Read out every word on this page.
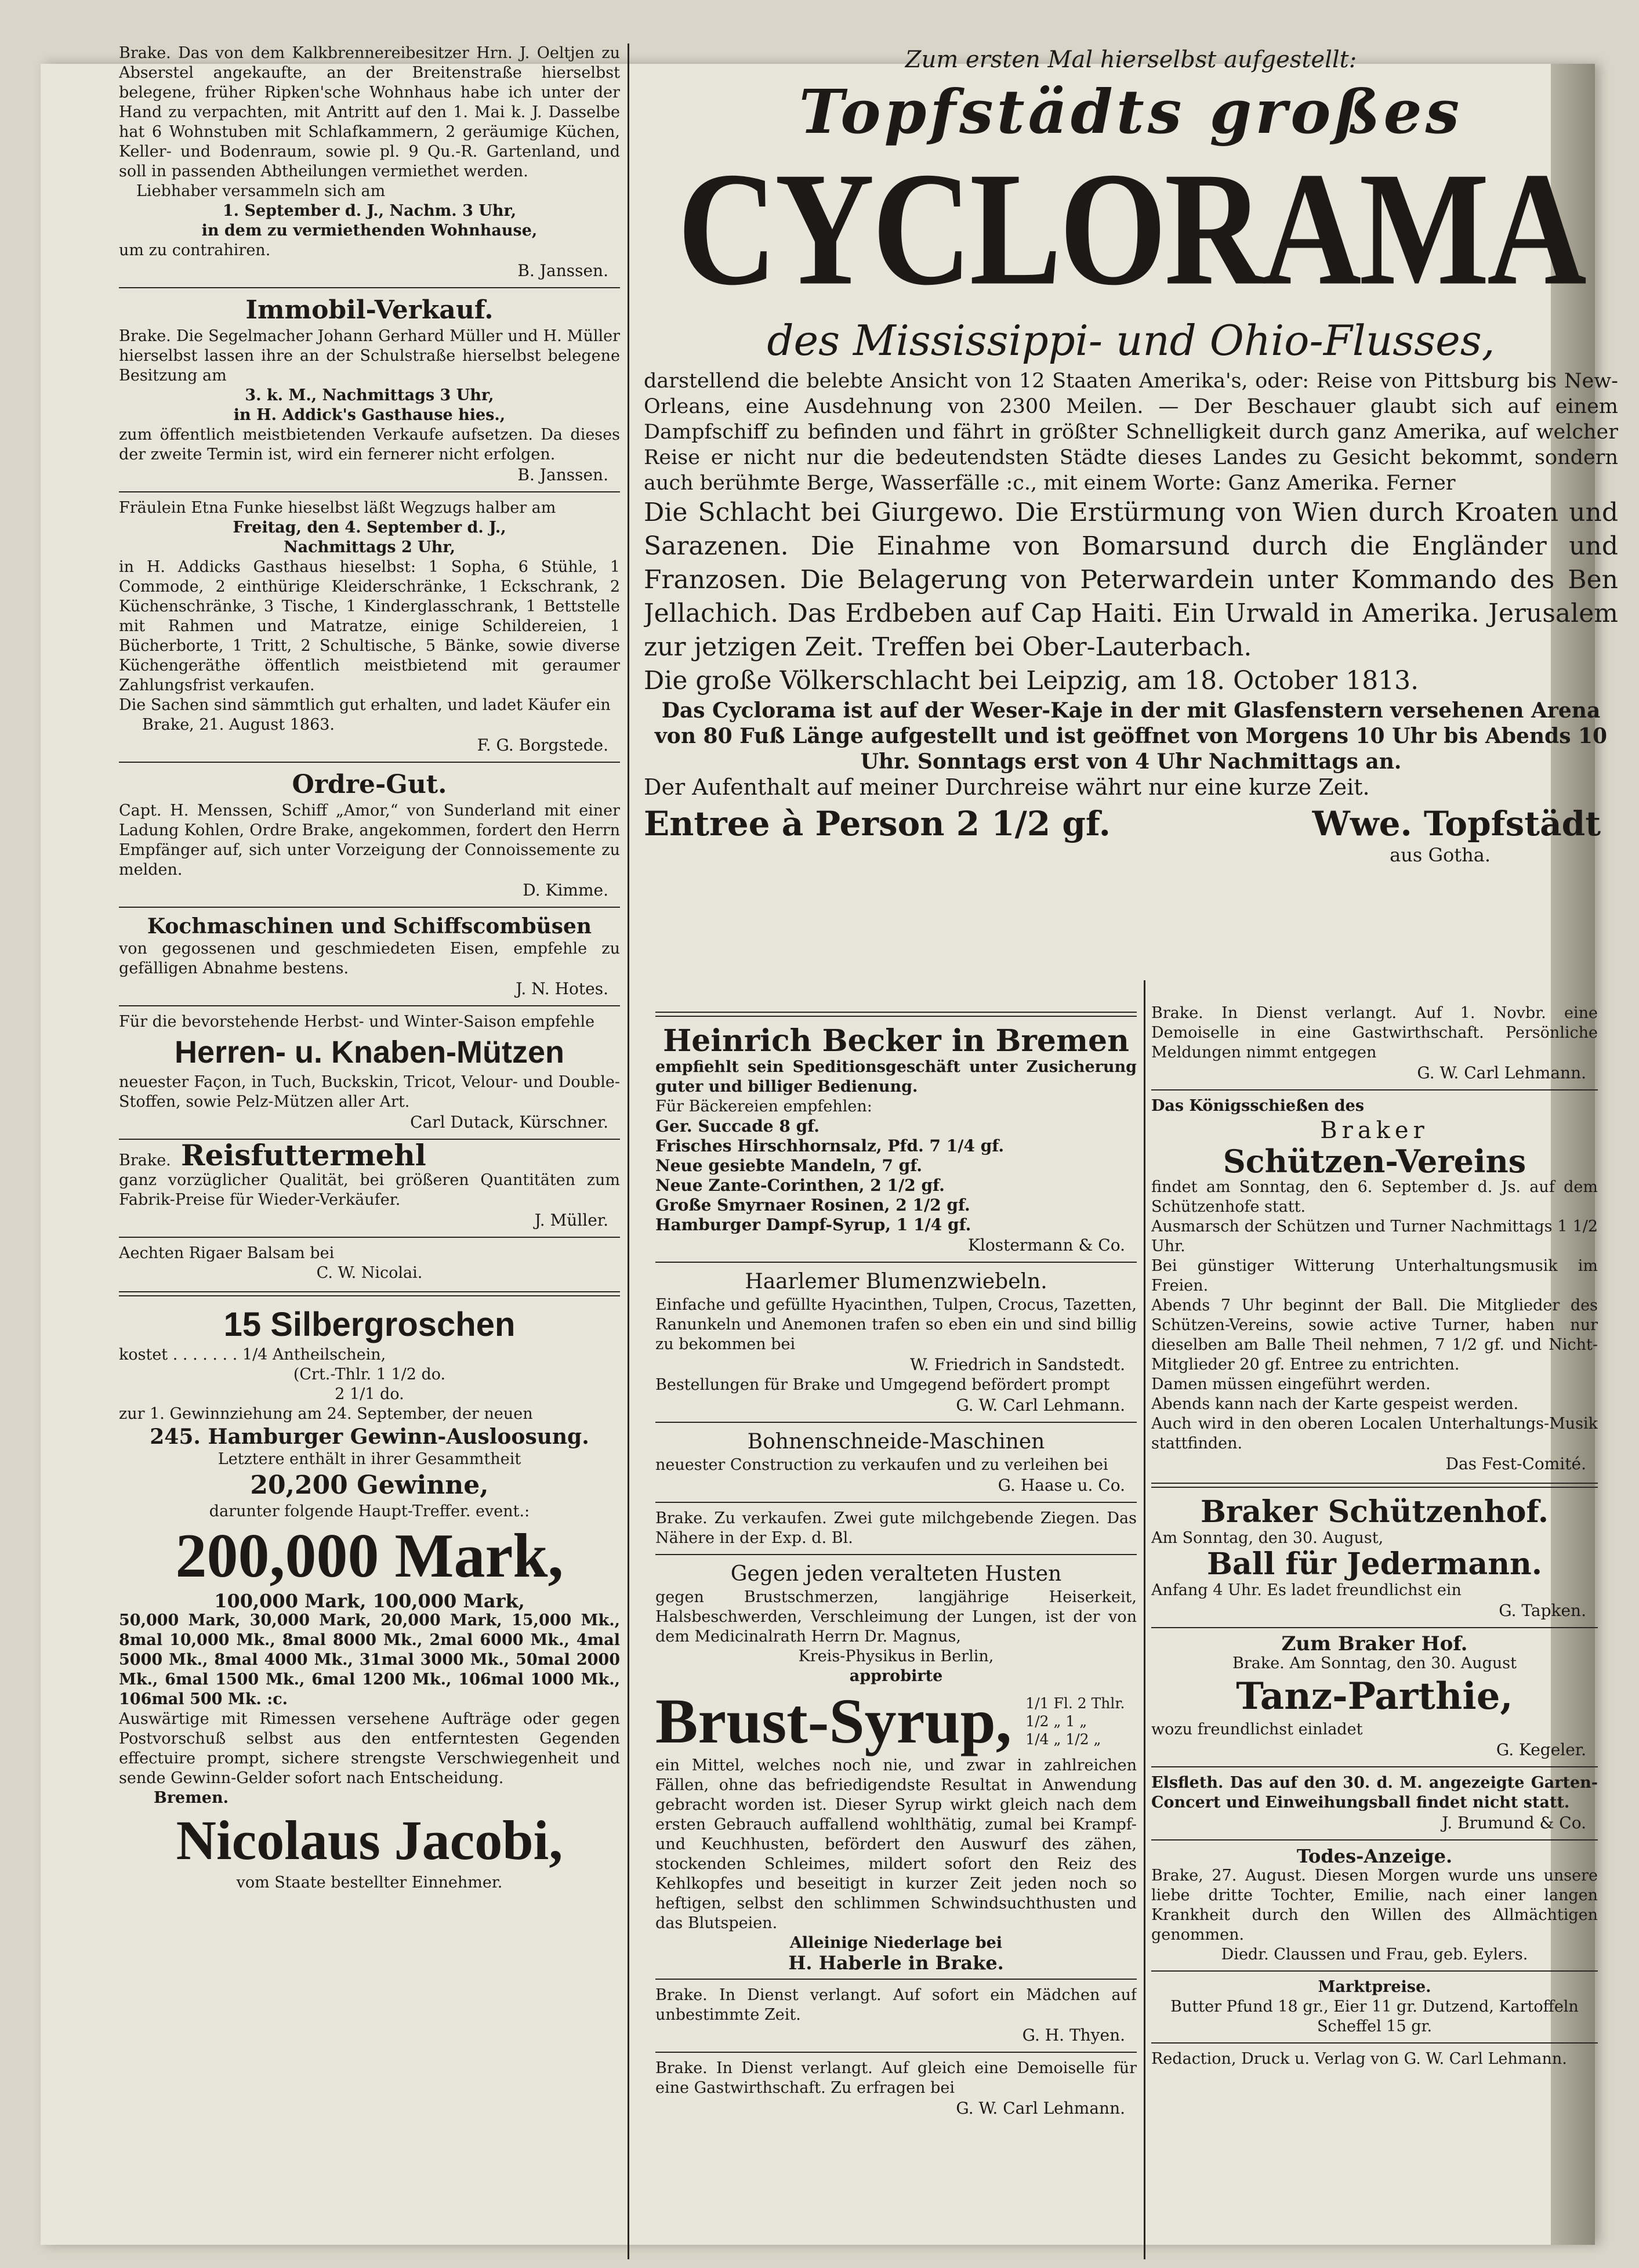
Brake. Das von dem Kalkbrennereibesitzer Hrn. J. Oeltjen zu Abserstel angekaufte, an der Breitenstraße hierselbst belegene, früher Ripken'sche Wohnhaus habe ich unter der Hand zu verpachten, mit Antritt auf den 1. Mai k. J. Dasselbe hat 6 Wohnstuben mit Schlafkammern, 2 geräumige Küchen, Keller- und Bodenraum, sowie pl. 9 Qu.-R. Gartenland, und soll in passenden Abtheilungen vermiethet werden.

Liebhaber versammeln sich am

1. September d. J., Nachm. 3 Uhr,

in dem zu vermiethenden Wohnhause,

um zu contrahiren.

B. Janssen.

Immobil-Verkauf.

Brake. Die Segelmacher Johann Gerhard Müller und H. Müller hierselbst lassen ihre an der Schulstraße hierselbst belegene Besitzung am

3. k. M., Nachmittags 3 Uhr,

in H. Addick's Gasthause hies.,

zum öffentlich meistbietenden Verkaufe aufsetzen. Da dieses der zweite Termin ist, wird ein fernerer nicht erfolgen.

B. Janssen.

Fräulein Etna Funke hieselbst läßt Wegzugs halber am

Freitag, den 4. September d. J.,

Nachmittags 2 Uhr,

in H. Addicks Gasthaus hieselbst: 1 Sopha, 6 Stühle, 1 Commode, 2 einthürige Kleiderschränke, 1 Eckschrank, 2 Küchenschränke, 3 Tische, 1 Kinderglasschrank, 1 Bettstelle mit Rahmen und Matratze, einige Schildereien, 1 Bücherborte, 1 Tritt, 2 Schultische, 5 Bänke, sowie diverse Küchengeräthe öffentlich meistbietend mit geraumer Zahlungsfrist verkaufen.

Die Sachen sind sämmtlich gut erhalten, und ladet Käufer ein

Brake, 21. August 1863.

F. G. Borgstede.

Ordre-Gut.

Capt. H. Menssen, Schiff „Amor,“ von Sunderland mit einer Ladung Kohlen, Ordre Brake, angekommen, fordert den Herrn Empfänger auf, sich unter Vorzeigung der Connoissemente zu melden.

D. Kimme.

Kochmaschinen und Schiffscombüsen

von gegossenen und geschmiedeten Eisen, empfehle zu gefälligen Abnahme bestens.

J. N. Hotes.

Für die bevorstehende Herbst- und Winter-Saison empfehle

Herren- u. Knaben-Mützen

neuester Façon, in Tuch, Buckskin, Tricot, Velour- und Double-Stoffen, sowie Pelz-Mützen aller Art.

Carl Dutack, Kürschner.

Brake. Reisfuttermehl

ganz vorzüglicher Qualität, bei größeren Quantitäten zum Fabrik-Preise für Wieder-Verkäufer.

J. Müller.

Aechten Rigaer Balsam bei

C. W. Nicolai.

15 Silbergroschen

kostet . . . . . . . 1/4 Antheilschein,

(Crt.-Thlr. 1 1/2 do.

2 1/1 do.

zur 1. Gewinnziehung am 24. September, der neuen

245. Hamburger Gewinn-Ausloosung.

Letztere enthält in ihrer Gesammtheit

20,200 Gewinne,

darunter folgende Haupt-Treffer. event.:

200,000 Mark,

100,000 Mark, 100,000 Mark,

50,000 Mark, 30,000 Mark, 20,000 Mark, 15,000 Mk., 8mal 10,000 Mk., 8mal 8000 Mk., 2mal 6000 Mk., 4mal 5000 Mk., 8mal 4000 Mk., 31mal 3000 Mk., 50mal 2000 Mk., 6mal 1500 Mk., 6mal 1200 Mk., 106mal 1000 Mk., 106mal 500 Mk. :c.

Auswärtige mit Rimessen versehene Aufträge oder gegen Postvorschuß selbst aus den entferntesten Gegenden effectuire prompt, sichere strengste Verschwiegenheit und sende Gewinn-Gelder sofort nach Entscheidung.

Bremen.

Nicolaus Jacobi,

vom Staate bestellter Einnehmer.

Zum ersten Mal hierselbst aufgestellt:

Topfstädts großes

CYCLORAMA

des Mississippi- und Ohio-Flusses,

darstellend die belebte Ansicht von 12 Staaten Amerika's, oder: Reise von Pittsburg bis New-Orleans, eine Ausdehnung von 2300 Meilen. — Der Beschauer glaubt sich auf einem Dampfschiff zu befinden und fährt in größter Schnelligkeit durch ganz Amerika, auf welcher Reise er nicht nur die bedeutendsten Städte dieses Landes zu Gesicht bekommt, sondern auch berühmte Berge, Wasserfälle :c., mit einem Worte: Ganz Amerika. Ferner

Die Schlacht bei Giurgewo. Die Erstürmung von Wien durch Kroaten und Sarazenen. Die Einahme von Bomarsund durch die Engländer und Franzosen. Die Belagerung von Peterwardein unter Kommando des Ben Jellachich. Das Erdbeben auf Cap Haiti. Ein Urwald in Amerika. Jerusalem zur jetzigen Zeit. Treffen bei Ober-Lauterbach.

Die große Völkerschlacht bei Leipzig, am 18. October 1813.

Das Cyclorama ist auf der Weser-Kaje in der mit Glasfenstern versehenen Arena von 80 Fuß Länge aufgestellt und ist geöffnet von Morgens 10 Uhr bis Abends 10 Uhr. Sonntags erst von 4 Uhr Nachmittags an.

Der Aufenthalt auf meiner Durchreise währt nur eine kurze Zeit.

Entree à Person 2 1/2 gf.	Wwe. Topfstädt

aus Gotha.

Heinrich Becker in Bremen

empfiehlt sein Speditionsgeschäft unter Zusicherung guter und billiger Bedienung.

Für Bäckereien empfehlen:

Ger. Succade 8 gf.

Frisches Hirschhornsalz, Pfd. 7 1/4 gf.

Neue gesiebte Mandeln, 7 gf.

Neue Zante-Corinthen, 2 1/2 gf.

Große Smyrnaer Rosinen, 2 1/2 gf.

Hamburger Dampf-Syrup, 1 1/4 gf.

Klostermann & Co.

Haarlemer Blumenzwiebeln.

Einfache und gefüllte Hyacinthen, Tulpen, Crocus, Tazetten, Ranunkeln und Anemonen trafen so eben ein und sind billig zu bekommen bei

W. Friedrich in Sandstedt.

Bestellungen für Brake und Umgegend befördert prompt

G. W. Carl Lehmann.

Bohnenschneide-Maschinen

neuester Construction zu verkaufen und zu verleihen bei

G. Haase u. Co.

Brake. Zu verkaufen. Zwei gute milchgebende Ziegen. Das Nähere in der Exp. d. Bl.

Gegen jeden veralteten Husten

gegen Brustschmerzen, langjährige Heiserkeit, Halsbeschwerden, Verschleimung der Lungen, ist der von dem Medicinalrath Herrn Dr. Magnus,

Kreis-Physikus in Berlin,

approbirte

Brust-Syrup, 1/1 Fl. 2 Thlr.

1/2 „ 1 „

1/4 „ 1/2 „

ein Mittel, welches noch nie, und zwar in zahlreichen Fällen, ohne das befriedigendste Resultat in Anwendung gebracht worden ist. Dieser Syrup wirkt gleich nach dem ersten Gebrauch auffallend wohlthätig, zumal bei Krampf- und Keuchhusten, befördert den Auswurf des zähen, stockenden Schleimes, mildert sofort den Reiz des Kehlkopfes und beseitigt in kurzer Zeit jeden noch so heftigen, selbst den schlimmen Schwindsuchthusten und das Blutspeien.

Alleinige Niederlage bei

H. Haberle in Brake.

Brake. In Dienst verlangt. Auf sofort ein Mädchen auf unbestimmte Zeit.

G. H. Thyen.

Brake. In Dienst verlangt. Auf gleich eine Demoiselle für eine Gastwirthschaft. Zu erfragen bei

G. W. Carl Lehmann.

Brake. In Dienst verlangt. Auf 1. Novbr. eine Demoiselle in eine Gastwirthschaft. Persönliche Meldungen nimmt entgegen

G. W. Carl Lehmann.

Das Königsschießen des

Braker

Schützen-Vereins

findet am Sonntag, den 6. September d. Js. auf dem Schützenhofe statt.

Ausmarsch der Schützen und Turner Nachmittags 1 1/2 Uhr.

Bei günstiger Witterung Unterhaltungsmusik im Freien.

Abends 7 Uhr beginnt der Ball. Die Mitglieder des Schützen-Vereins, sowie active Turner, haben nur dieselben am Balle Theil nehmen, 7 1/2 gf. und Nicht-Mitglieder 20 gf. Entree zu entrichten.

Damen müssen eingeführt werden.

Abends kann nach der Karte gespeist werden.

Auch wird in den oberen Localen Unterhaltungs-Musik stattfinden.

Das Fest-Comité.

Braker Schützenhof.

Am Sonntag, den 30. August,

Ball für Jedermann.

Anfang 4 Uhr. Es ladet freundlichst ein

G. Tapken.

Zum Braker Hof.

Brake. Am Sonntag, den 30. August

Tanz-Parthie,

wozu freundlichst einladet

G. Kegeler.

Elsfleth. Das auf den 30. d. M. angezeigte Garten-Concert und Einweihungsball findet nicht statt.

J. Brumund & Co.

Todes-Anzeige.

Brake, 27. August. Diesen Morgen wurde uns unsere liebe dritte Tochter, Emilie, nach einer langen Krankheit durch den Willen des Allmächtigen genommen.

Diedr. Claussen und Frau, geb. Eylers.

Marktpreise.

Butter Pfund 18 gr., Eier 11 gr. Dutzend, Kartoffeln Scheffel 15 gr.

Redaction, Druck u. Verlag von G. W. Carl Lehmann.
